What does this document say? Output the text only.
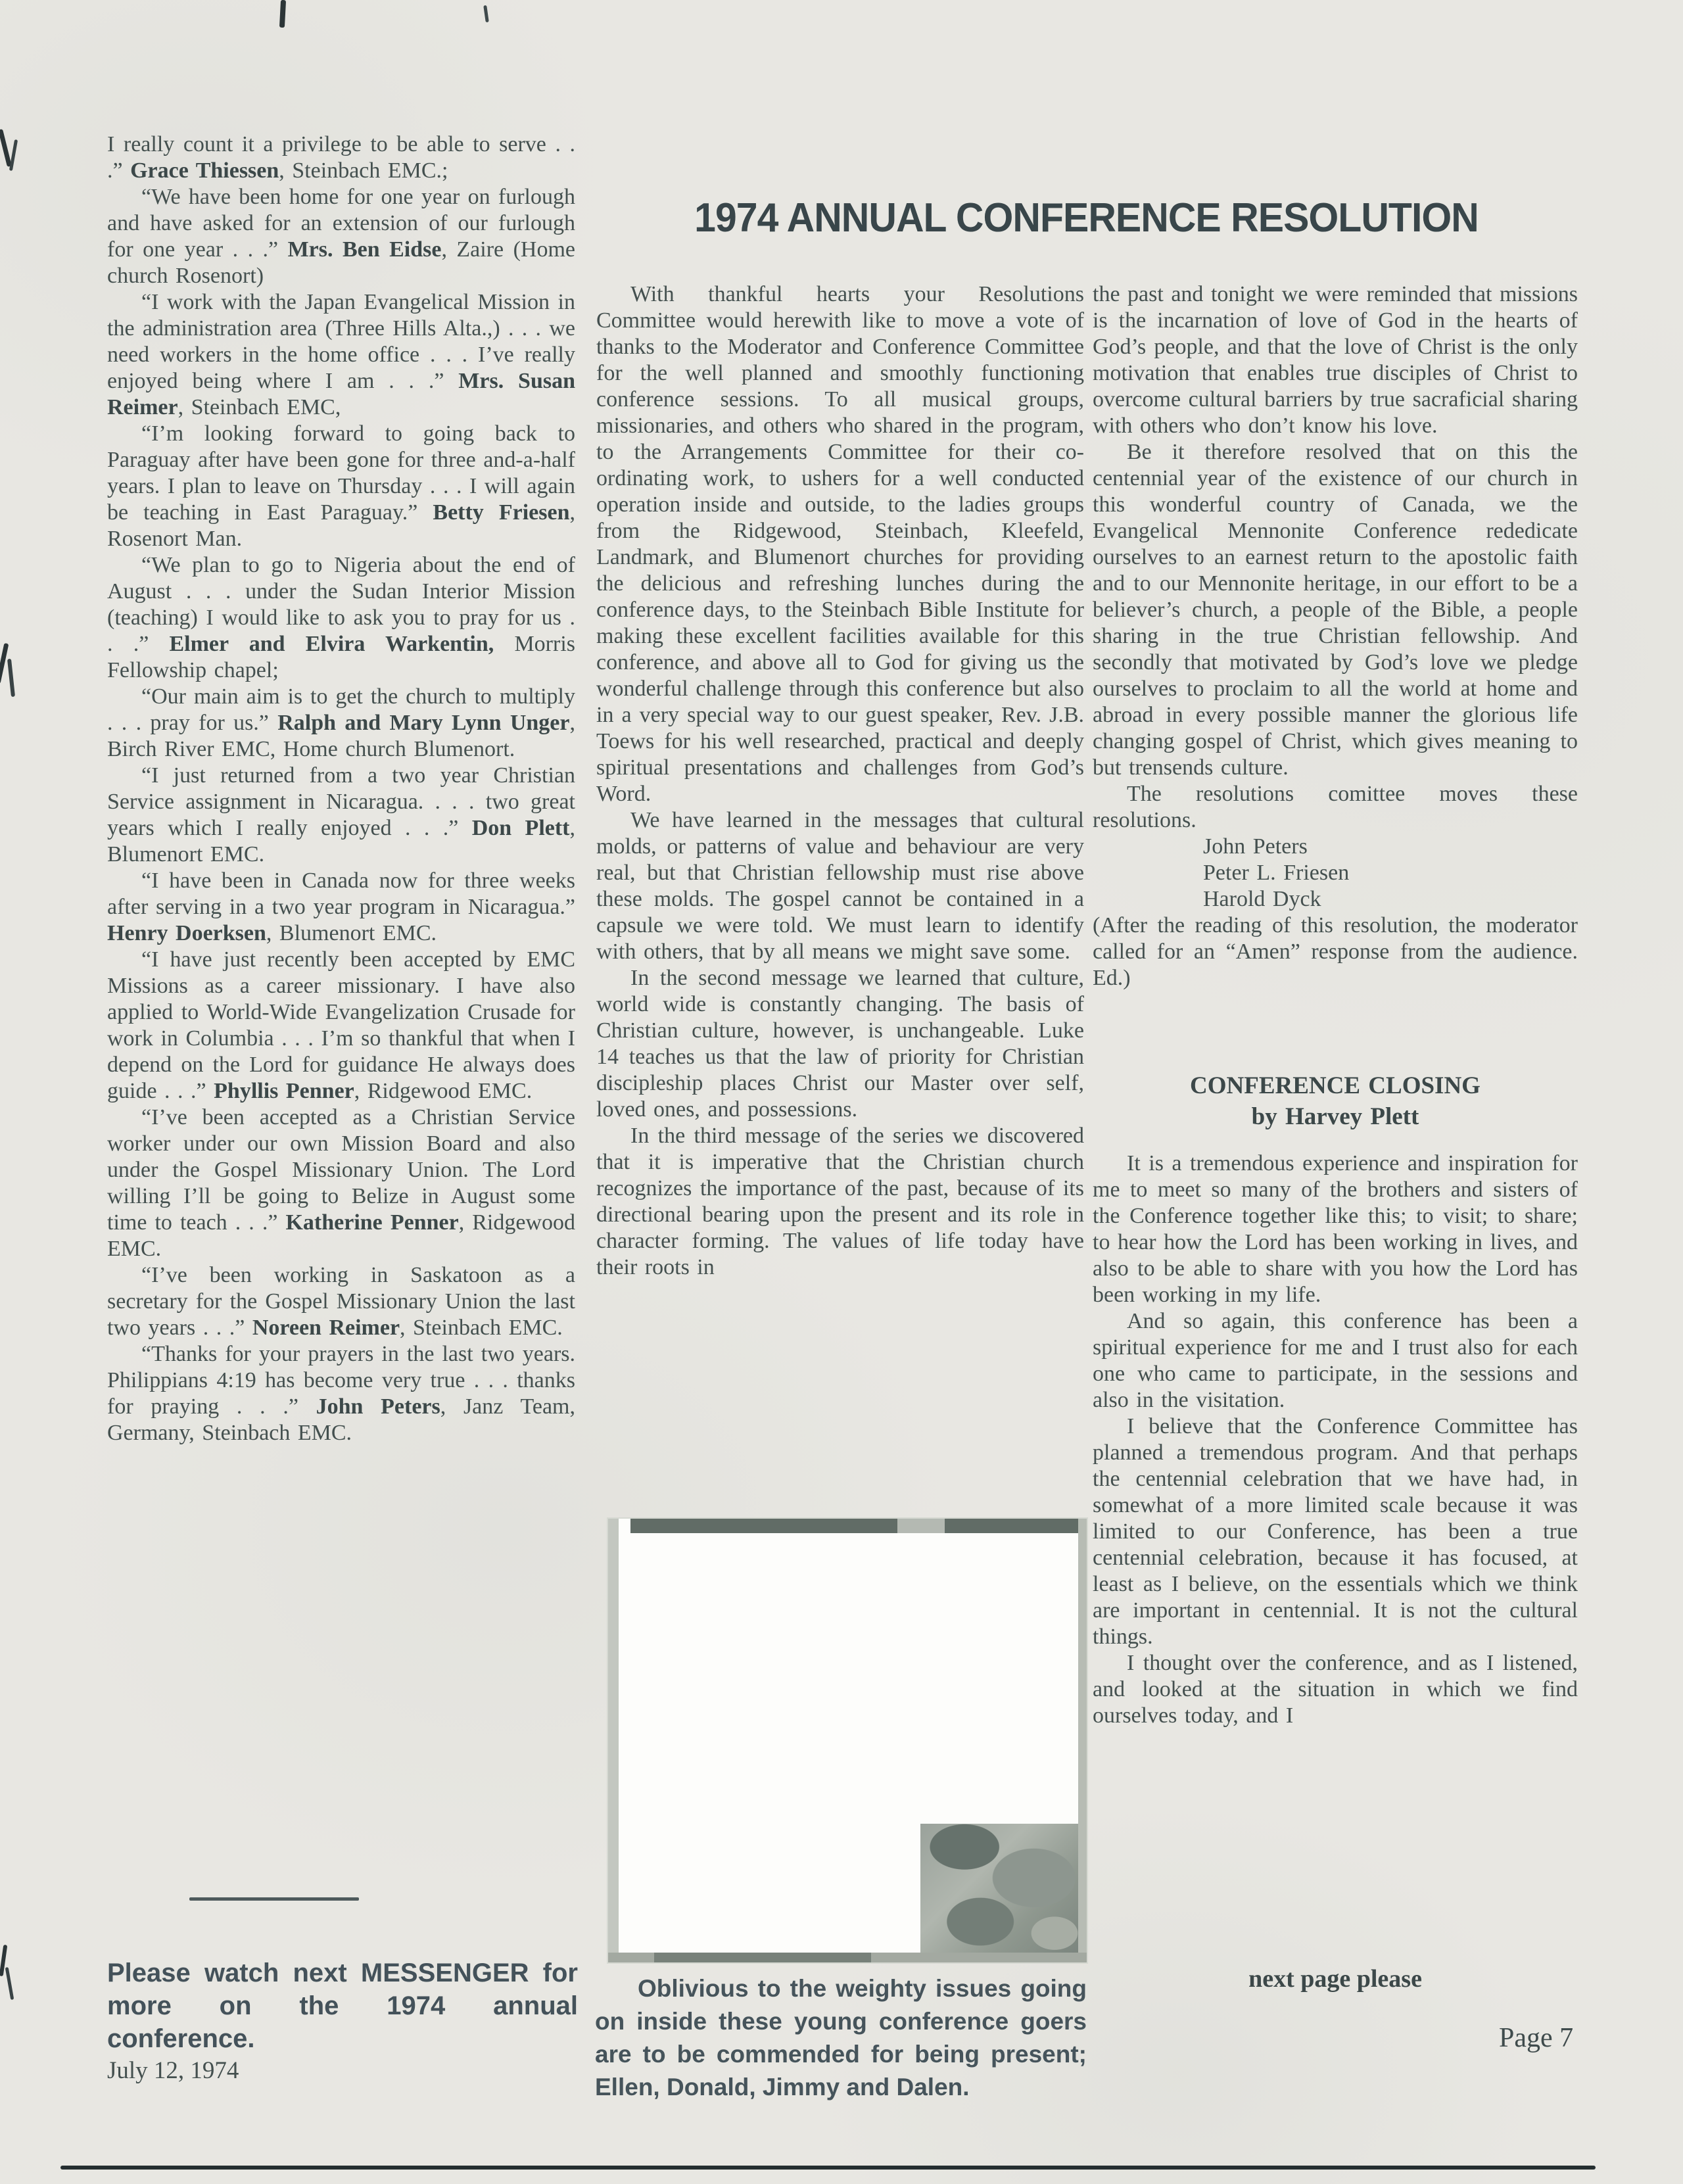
1974 ANNUAL CONFERENCE RESOLUTION

I really count it a privilege to be able to serve . . .” Grace Thiessen, Steinbach EMC.;

“We have been home for one year on furlough and have asked for an extension of our furlough for one year . . .” Mrs. Ben Eidse, Zaire (Home church Rosenort)

“I work with the Japan Evangelical Mission in the administration area (Three Hills Alta.,) . . . we need workers in the home office . . . I’ve really enjoyed being where I am . . .” Mrs. Susan Reimer, Steinbach EMC,

“I’m looking forward to going back to Paraguay after have been gone for three and-a-half years. I plan to leave on Thursday . . . I will again be teaching in East Paraguay.” Betty Friesen, Rosenort Man.

“We plan to go to Nigeria about the end of August . . . under the Sudan Interior Mission (teaching) I would like to ask you to pray for us . . .” Elmer and Elvira Warkentin, Morris Fellowship chapel;

“Our main aim is to get the church to multiply . . . pray for us.” Ralph and Mary Lynn Unger, Birch River EMC, Home church Blumenort.

“I just returned from a two year Christian Service assignment in Nicaragua. . . . two great years which I really enjoyed . . .” Don Plett, Blumenort EMC.

“I have been in Canada now for three weeks after serving in a two year program in Nicaragua.” Henry Doerksen, Blumenort EMC.

“I have just recently been accepted by EMC Missions as a career missionary. I have also applied to World-Wide Evangelization Crusade for work in Columbia . . . I’m so thankful that when I depend on the Lord for guidance He always does guide . . .” Phyllis Penner, Ridgewood EMC.

“I’ve been accepted as a Christian Service worker under our own Mission Board and also under the Gospel Missionary Union. The Lord willing I’ll be going to Belize in August some time to teach . . .” Katherine Penner, Ridgewood EMC.

“I’ve been working in Saskatoon as a secretary for the Gospel Missionary Union the last two years . . .” Noreen Reimer, Steinbach EMC.

“Thanks for your prayers in the last two years. Philippians 4:19 has become very true . . . thanks for praying . . .” John Peters, Janz Team, Germany, Steinbach EMC.

With thankful hearts your Resolutions Committee would herewith like to move a vote of thanks to the Moderator and Conference Committee for the well planned and smoothly functioning conference sessions. To all musical groups, missionaries, and others who shared in the program, to the Arrangements Committee for their co-ordinating work, to ushers for a well conducted operation inside and outside, to the ladies groups from the Ridgewood, Steinbach, Kleefeld, Landmark, and Blumenort churches for providing the delicious and refreshing lunches during the conference days, to the Steinbach Bible Institute for making these excellent facilities available for this conference, and above all to God for giving us the wonderful challenge through this conference but also in a very special way to our guest speaker, Rev. J.B. Toews for his well researched, practical and deeply spiritual presentations and challenges from God’s Word.

We have learned in the messages that cultural molds, or patterns of value and behaviour are very real, but that Christian fellowship must rise above these molds. The gospel cannot be contained in a capsule we were told. We must learn to identify with others, that by all means we might save some.

In the second message we learned that culture, world wide is constantly changing. The basis of Christian culture, however, is unchangeable. Luke 14 teaches us that the law of priority for Christian discipleship places Christ our Master over self, loved ones, and possessions.

In the third message of the series we discovered that it is imperative that the Christian church recognizes the importance of the past, because of its directional bearing upon the present and its role in character forming. The values of life today have their roots in

the past and tonight we were reminded that missions is the incarnation of love of God in the hearts of God’s people, and that the love of Christ is the only motivation that enables true disciples of Christ to overcome cultural barriers by true sacraficial sharing with others who don’t know his love.

Be it therefore resolved that on this the centennial year of the existence of our church in this wonderful country of Canada, we the Evangelical Mennonite Conference rededicate ourselves to an earnest return to the apostolic faith and to our Mennonite heritage, in our effort to be a believer’s church, a people of the Bible, a people sharing in the true Christian fellowship. And secondly that motivated by God’s love we pledge ourselves to proclaim to all the world at home and abroad in every possible manner the glorious life changing gospel of Christ, which gives meaning to but trensends culture.

The resolutions comittee moves these resolutions.

John Peters
Peter L. Friesen
Harold Dyck

(After the reading of this resolution, the moderator called for an “Amen” response from the audience. Ed.)

CONFERENCE CLOSING
by Harvey Plett

It is a tremendous experience and inspiration for me to meet so many of the brothers and sisters of the Conference together like this; to visit; to share; to hear how the Lord has been working in lives, and also to be able to share with you how the Lord has been working in my life.

And so again, this conference has been a spiritual experience for me and I trust also for each one who came to participate, in the sessions and also in the visitation.

I believe that the Conference Committee has planned a tremendous program. And that perhaps the centennial celebration that we have had, in somewhat of a more limited scale because it was limited to our Conference, has been a true centennial celebration, because it has focused, at least as I believe, on the essentials which we think are important in centennial. It is not the cultural things.

I thought over the conference, and as I listened, and looked at the situation in which we find ourselves today, and I

Please watch next MESSENGER for more on the 1974 annual conference.
July 12, 1974
next page please
Page 7
Oblivious to the weighty issues going on inside these young conference goers are to be commended for being present; Ellen, Donald, Jimmy and Dalen.
